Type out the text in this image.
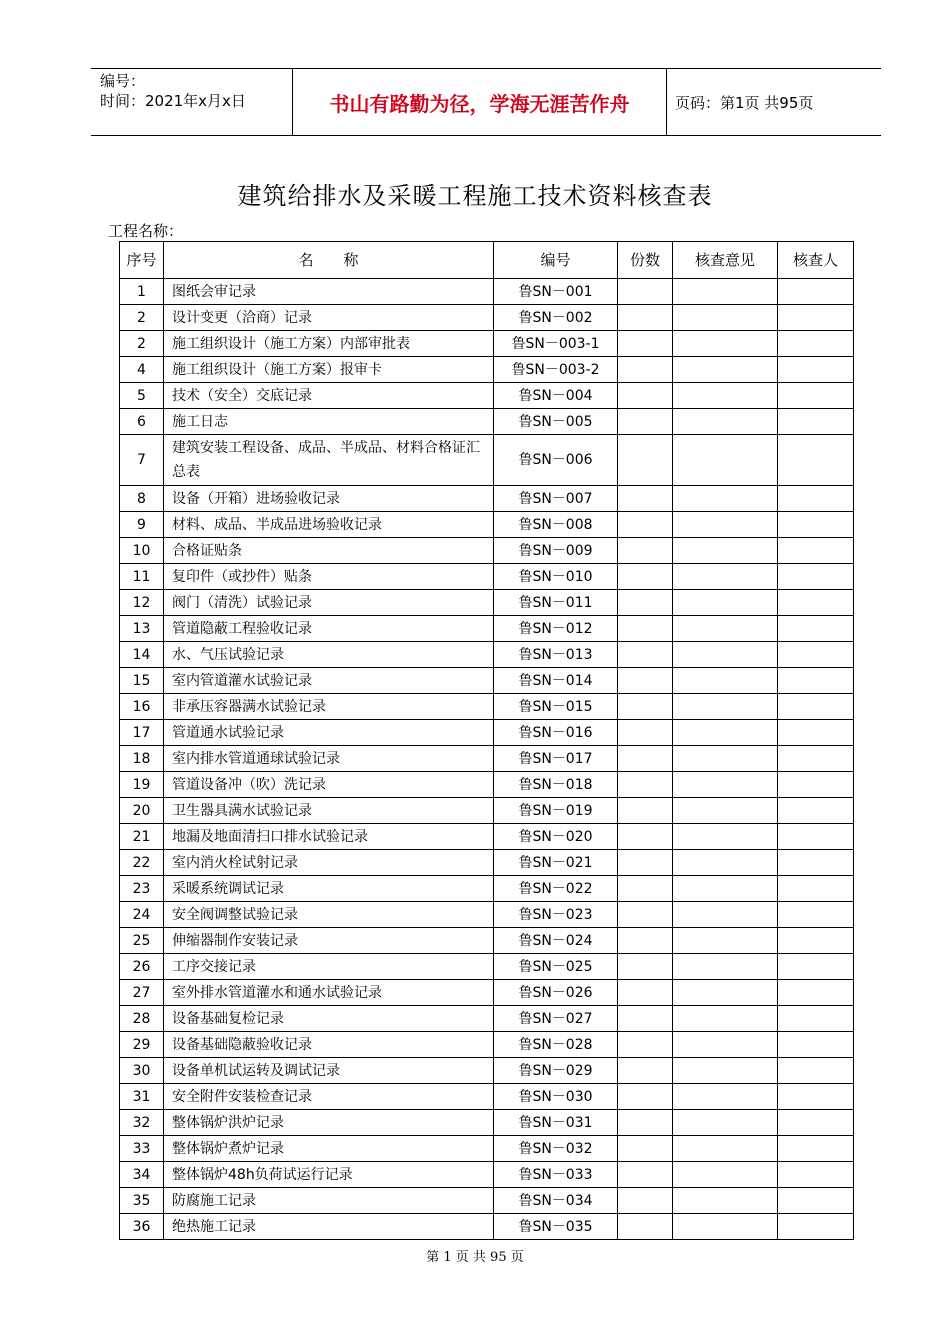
编号：
时间：2021年x月x日	书山有路勤为径，学海无涯苦作舟	页码：第1页 共95页
建筑给排水及采暖工程施工技术资料核查表
工程名称：
序号	名　　称	编号	份数	核查意见	核查人
1	图纸会审记录	鲁SN－001			
2	设计变更（洽商）记录	鲁SN－002			
2	施工组织设计（施工方案）内部审批表	鲁SN－003-1			
4	施工组织设计（施工方案）报审卡	鲁SN－003-2			
5	技术（安全）交底记录	鲁SN－004			
6	施工日志	鲁SN－005			
7	建筑安装工程设备、成品、半成品、材料合格证汇总表	鲁SN－006			
8	设备（开箱）进场验收记录	鲁SN－007			
9	材料、成品、半成品进场验收记录	鲁SN－008			
10	合格证贴条	鲁SN－009			
11	复印件（或抄件）贴条	鲁SN－010			
12	阀门（清洗）试验记录	鲁SN－011			
13	管道隐蔽工程验收记录	鲁SN－012			
14	水、气压试验记录	鲁SN－013			
15	室内管道灌水试验记录	鲁SN－014			
16	非承压容器满水试验记录	鲁SN－015			
17	管道通水试验记录	鲁SN－016			
18	室内排水管道通球试验记录	鲁SN－017			
19	管道设备冲（吹）洗记录	鲁SN－018			
20	卫生器具满水试验记录	鲁SN－019			
21	地漏及地面清扫口排水试验记录	鲁SN－020			
22	室内消火栓试射记录	鲁SN－021			
23	采暖系统调试记录	鲁SN－022			
24	安全阀调整试验记录	鲁SN－023			
25	伸缩器制作安装记录	鲁SN－024			
26	工序交接记录	鲁SN－025			
27	室外排水管道灌水和通水试验记录	鲁SN－026			
28	设备基础复检记录	鲁SN－027			
29	设备基础隐蔽验收记录	鲁SN－028			
30	设备单机试运转及调试记录	鲁SN－029			
31	安全附件安装检查记录	鲁SN－030			
32	整体锅炉洪炉记录	鲁SN－031			
33	整体锅炉煮炉记录	鲁SN－032			
34	整体锅炉48h负荷试运行记录	鲁SN－033			
35	防腐施工记录	鲁SN－034			
36	绝热施工记录	鲁SN－035			
第 1 页 共 95 页
